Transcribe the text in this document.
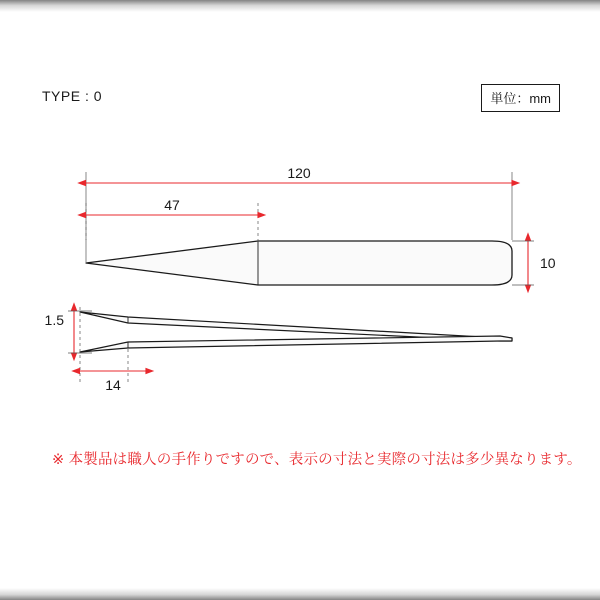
TYPE : 0	単位：mm
120
47
10
1.5
14
※ 本製品は職人の手作りですので、表示の寸法と実際の寸法は多少異なります。
